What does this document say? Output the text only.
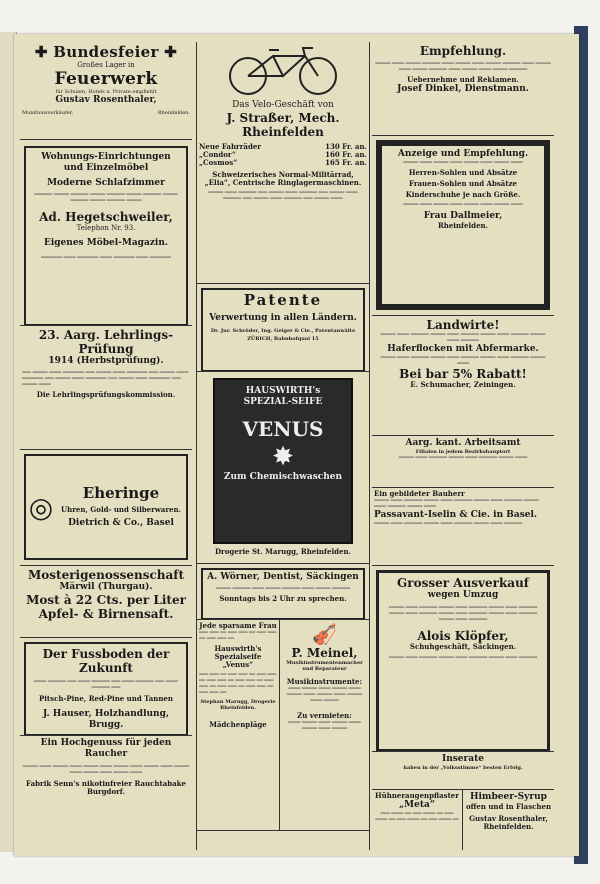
✚ Bundesfeier ✚
Großes Lager in
Feuerwerk
für Schulen, Hotels u. Private empfiehlt
Gustav Rosenthaler,
Munitionsverkäufer,	Rheinfelden.
Wohnungs-Einrichtungen
und Einzelmöbel
Moderne Schlafzimmer
══════ ═════ ══════ ═════ ══════ ═════ ══════ ═════ ══════ ═════ ══════ ═════
Ad. Hegetschweiler,
Telephon Nr. 93.
Eigenes Möbel-Magazin.
═══════ ════ ═══════ ════ ═══════ ════ ═══════
23. Aarg. Lehrlings-Prüfung
1914 (Herbstprüfung).
═══ ═════ ════ ═══════ ═══ ═════ ════ ═══════ ═══ ═════ ════ ═══════ ═══ ═════ ════ ═══════ ═══ ═════ ════ ═══════ ═══ ═════ ════
Die Lehrlingsprüfungskommission.
◎	Eheringe
Uhren, Gold- und Silberwaren.
Dietrich & Co., Basel
Mosterigenossenschaft
Märwil (Thurgau).
Most à 22 Cts. per Liter
Apfel- & Birnensaft.
Der Fussboden der Zukunft
════ ══════ ═══ ════ ══════ ═══ ════ ══════ ═══ ════ ══════ ═══
Pitsch-Pine, Red-Pine und Tannen
J. Hauser, Holzhandlung, Brugg.
Ein Hochgenuss für jeden Raucher
═════ ════ ═════ ════ ═════ ════ ═════ ════ ═════ ════ ═════ ════ ═════ ════ ═════ ════
Fabrik Senn's nikotinfreier Rauchtabake Burgdorf.
Das Velo-Geschäft von
J. Straßer, Mech. Rheinfelden
Neue Fahrräder	130 Fr. an.
„Condor“	160 Fr. an.
„Cosmos“	165 Fr. an.
Schweizerisches Normal-Militärrad,
„Elia“, Centrische Ringlagermaschinen.
═════ ════ ══════ ═══ ═════ ════ ══════ ═══ ═════ ════ ══════ ═══ ═════ ════ ══════ ═══ ═════ ════
Patente
Verwertung in allen Ländern.
Dr. Jur. Schröder, Ing. Geiger & Cie., Patentanwälte
ZÜRICH, Bahnhofquai 15
HAUSWIRTH's
SPEZIAL-SEIFE
VENUS
✸
Zum Chemischwaschen
Drogerie St. Marugg, Rheinfelden.
A. Wörner, Dentist, Säckingen
═════ ══════ ════ ═════ ══════ ════ ═════ ══════
Sonntags bis 2 Uhr zu sprechen.
Jede sparsame Frau
═══ ═══ ══ ═══ ═══ ══ ═══ ═══ ══ ═══ ═══ ══
Hauswirth's Spezialseife „Venus“
═══ ═══ ══ ═══ ═══ ══ ═══ ═══ ══ ═══ ═══ ══ ═══ ═══ ══ ═══ ═══ ══ ═══ ═══ ══ ═══ ═══ ══ ═══ ═══ ══
Stephan Marugg, Drogerie Rheinfelden.
Mädchenpläge
🎻
P. Meinel,
Musikinstrumentenmacher und Reparateur
Musikinstrumente:
════ ═════ ════ ═════ ════ ═════ ════ ═════ ════ ═════ ════ ═════
Zu vermieten:
════ ═════ ════ ═════ ════ ═════ ════ ═════
Empfehlung.
═════ ════ ═════ ══════ ════ ═════ ════ ═════ ══════ ════ ═════ ════ ═════ ══════ ════ ═════ ════ ═════ ══════
Uebernehme und Reklamen.
Josef Dinkel, Dienstmann.
Anzeige und Empfehlung.
═════ ════ ═════ ════ ═════ ════ ═════ ════
Herren-Sohlen und Absätze
Frauen-Sohlen und Absätze
Kinderschuhe je nach Größe.
═════ ════ ═════ ════ ═════ ════ ═════ ════
Frau Dallmeier,
Rheinfelden.
Landwirte!
═════ ════ ══════ ═════ ════ ══════ ═════ ════ ══════ ═════ ════ ══════
Haferflocken mit Abfermarke.
═════ ════ ══════ ═════ ════ ══════ ═════ ════ ══════ ═════ ════
Bei bar 5% Rabatt!
E. Schumacher, Zeiningen.
Aarg. kant. Arbeitsamt
Filialen in jedem Bezirkshauptort
═════ ════ ══════ ═════ ════ ══════ ═════ ════
Ein gebildeter Bauherr
═════ ════ ══════ ═════ ════ ══════ ═════ ════ ══════ ═════ ════ ══════ ═════ ════
Passavant-Iselin & Cie. in Basel.
═════ ════ ══════ ═════ ════ ══════ ═════ ════ ══════
Grosser Ausverkauf
wegen Umzug
═════ ════ ══════ ═════ ════ ══════ ═════ ════ ══════ ═════ ════ ══════ ═════ ════ ══════ ═════ ════ ══════ ═════ ════ ══════
Alois Klöpfer,
Schuhgeschäft, Säckingen.
═════ ════ ══════ ═════ ════ ══════ ═════ ════ ══════
Inserate
haben in der „Volksstimme“ besten Erfolg.
Hühneraugenpflaster
„Meta“
═══ ════ ══ ═══ ════ ══ ═══ ════ ══ ═══ ════ ══ ═══ ════ ══
Himbeer-Syrup
offen und in Flaschen
Gustav Rosenthaler, Rheinfelden.
